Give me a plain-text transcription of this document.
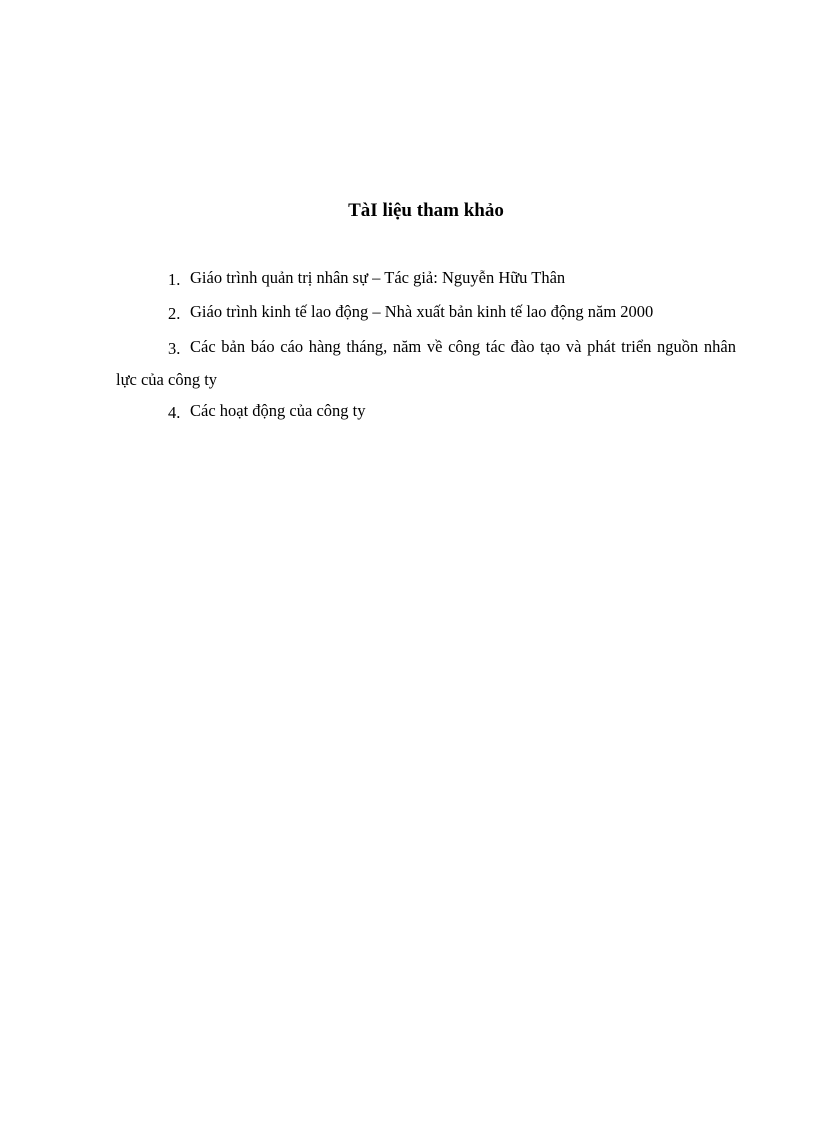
TàI liệu tham khảo

1. Giáo trình quản trị nhân sự – Tác giả: Nguyễn Hữu Thân

2. Giáo trình kinh tế lao động – Nhà xuất bản kinh tế lao động năm 2000

3. Các bản báo cáo hàng tháng, năm về công tác đào tạo và phát triển nguồn nhân lực của công ty

4. Các hoạt động của công ty
